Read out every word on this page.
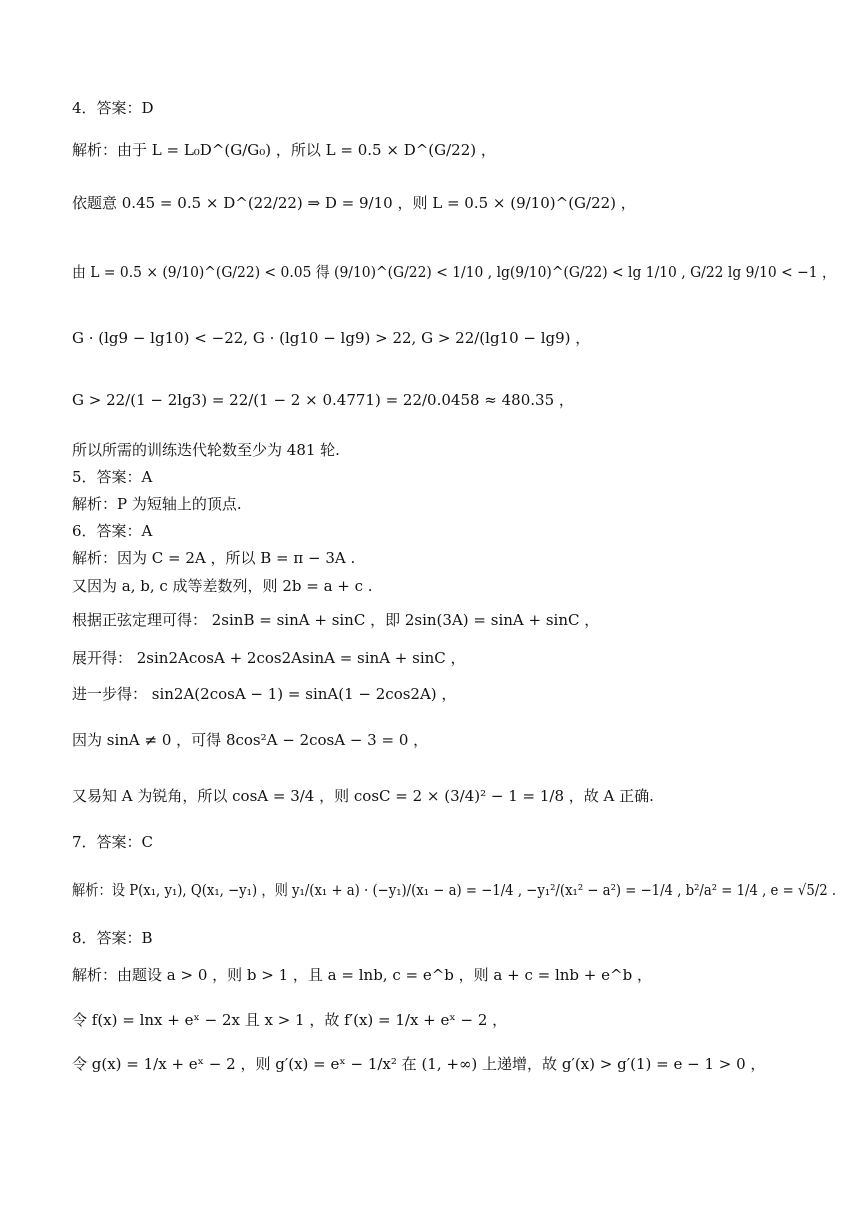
4．答案：D
解析：由于 L = L₀D^(G/G₀) ，所以 L = 0.5 × D^(G/22) ，
依题意 0.45 = 0.5 × D^(22/22) ⇒ D = 9/10 ，则 L = 0.5 × (9/10)^(G/22) ，
由 L = 0.5 × (9/10)^(G/22) < 0.05 得 (9/10)^(G/22) < 1/10 , lg(9/10)^(G/22) < lg 1/10 , G/22 lg 9/10 < −1 ，
G · (lg9 − lg10) < −22, G · (lg10 − lg9) > 22, G > 22/(lg10 − lg9) ，
G > 22/(1 − 2lg3) = 22/(1 − 2 × 0.4771) = 22/0.0458 ≈ 480.35 ，
所以所需的训练迭代轮数至少为 481 轮.
5．答案：A
解析：P 为短轴上的顶点.
6．答案：A
解析：因为 C = 2A ，所以 B = π − 3A .
又因为 a, b, c 成等差数列，则 2b = a + c .
根据正弦定理可得： 2sinB = sinA + sinC ，即 2sin(3A) = sinA + sinC ，
展开得： 2sin2AcosA + 2cos2AsinA = sinA + sinC ，
进一步得： sin2A(2cosA − 1) = sinA(1 − 2cos2A) ，
因为 sinA ≠ 0 ，可得 8cos²A − 2cosA − 3 = 0 ，
又易知 A 为锐角，所以 cosA = 3/4 ，则 cosC = 2 × (3/4)² − 1 = 1/8 ，故 A 正确.
7．答案：C
解析：设 P(x₁, y₁), Q(x₁, −y₁) ，则 y₁/(x₁ + a) · (−y₁)/(x₁ − a) = −1/4 , −y₁²/(x₁² − a²) = −1/4 , b²/a² = 1/4 , e = √5/2 .
8．答案：B
解析：由题设 a > 0 ，则 b > 1 ，且 a = lnb, c = e^b ，则 a + c = lnb + e^b ，
令 f(x) = lnx + eˣ − 2x 且 x > 1 ，故 f′(x) = 1/x + eˣ − 2 ，
令 g(x) = 1/x + eˣ − 2 ，则 g′(x) = eˣ − 1/x² 在 (1, +∞) 上递增，故 g′(x) > g′(1) = e − 1 > 0 ，
